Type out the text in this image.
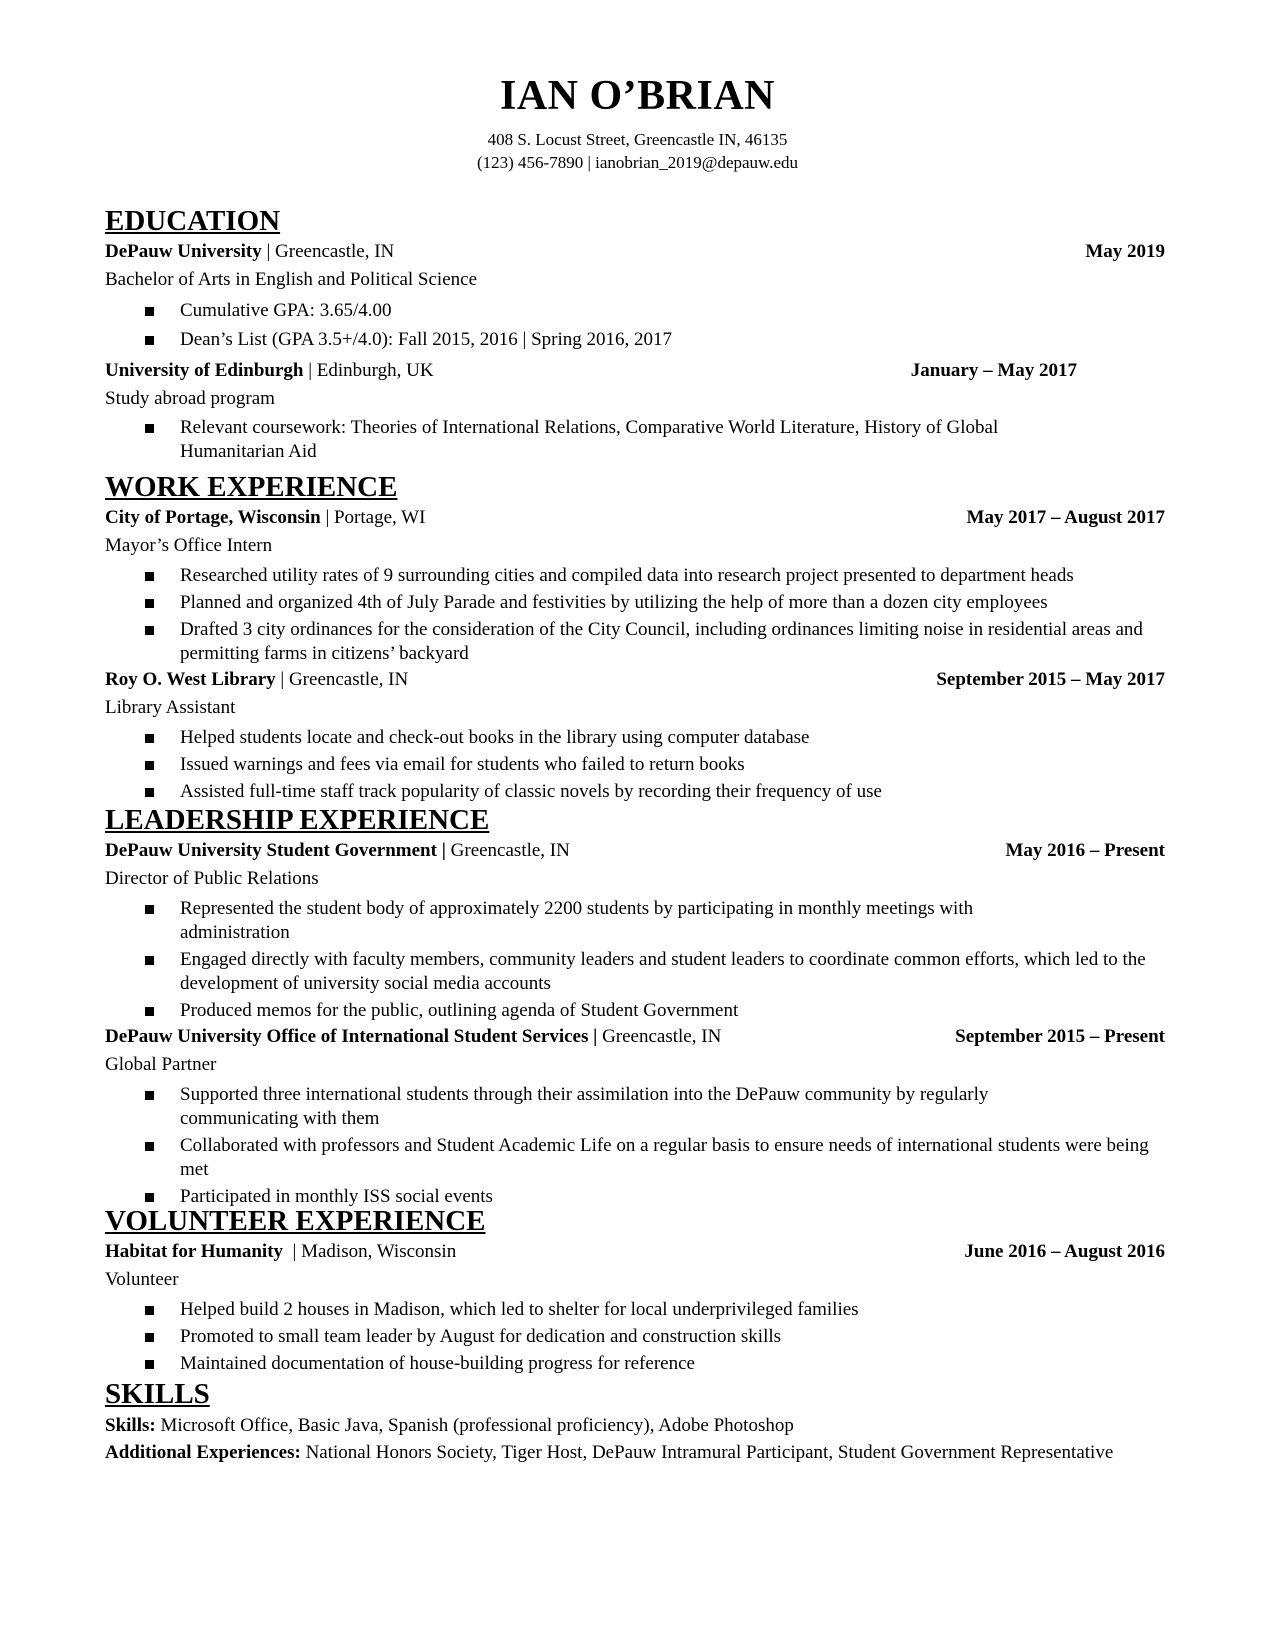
IAN O’BRIAN
408 S. Locust Street, Greencastle IN, 46135
(123) 456-7890 | ianobrian_2019@depauw.edu
EDUCATION
DePauw University | Greencastle, IN	May 2019
Bachelor of Arts in English and Political Science
Cumulative GPA: 3.65/4.00
Dean’s List (GPA 3.5+/4.0): Fall 2015, 2016 | Spring 2016, 2017
University of Edinburgh | Edinburgh, UK	January – May 2017
Study abroad program
Relevant coursework: Theories of International Relations, Comparative World Literature, History of Global Humanitarian Aid
WORK EXPERIENCE
City of Portage, Wisconsin | Portage, WI	May 2017 – August 2017
Mayor’s Office Intern
Researched utility rates of 9 surrounding cities and compiled data into research project presented to department heads
Planned and organized 4th of July Parade and festivities by utilizing the help of more than a dozen city employees
Drafted 3 city ordinances for the consideration of the City Council, including ordinances limiting noise in residential areas and permitting farms in citizens’ backyard
Roy O. West Library | Greencastle, IN	September 2015 – May 2017
Library Assistant
Helped students locate and check-out books in the library using computer database
Issued warnings and fees via email for students who failed to return books
Assisted full-time staff track popularity of classic novels by recording their frequency of use
LEADERSHIP EXPERIENCE
DePauw University Student Government | Greencastle, IN	May 2016 – Present
Director of Public Relations
Represented the student body of approximately 2200 students by participating in monthly meetings with administration
Engaged directly with faculty members, community leaders and student leaders to coordinate common efforts, which led to the development of university social media accounts
Produced memos for the public, outlining agenda of Student Government
DePauw University Office of International Student Services | Greencastle, IN	September 2015 – Present
Global Partner
Supported three international students through their assimilation into the DePauw community by regularly communicating with them
Collaborated with professors and Student Academic Life on a regular basis to ensure needs of international students were being met
Participated in monthly ISS social events
VOLUNTEER EXPERIENCE
Habitat for Humanity  | Madison, Wisconsin	June 2016 – August 2016
Volunteer
Helped build 2 houses in Madison, which led to shelter for local underprivileged families
Promoted to small team leader by August for dedication and construction skills
Maintained documentation of house-building progress for reference
SKILLS
Skills: Microsoft Office, Basic Java, Spanish (professional proficiency), Adobe Photoshop
Additional Experiences: National Honors Society, Tiger Host, DePauw Intramural Participant, Student Government Representative
